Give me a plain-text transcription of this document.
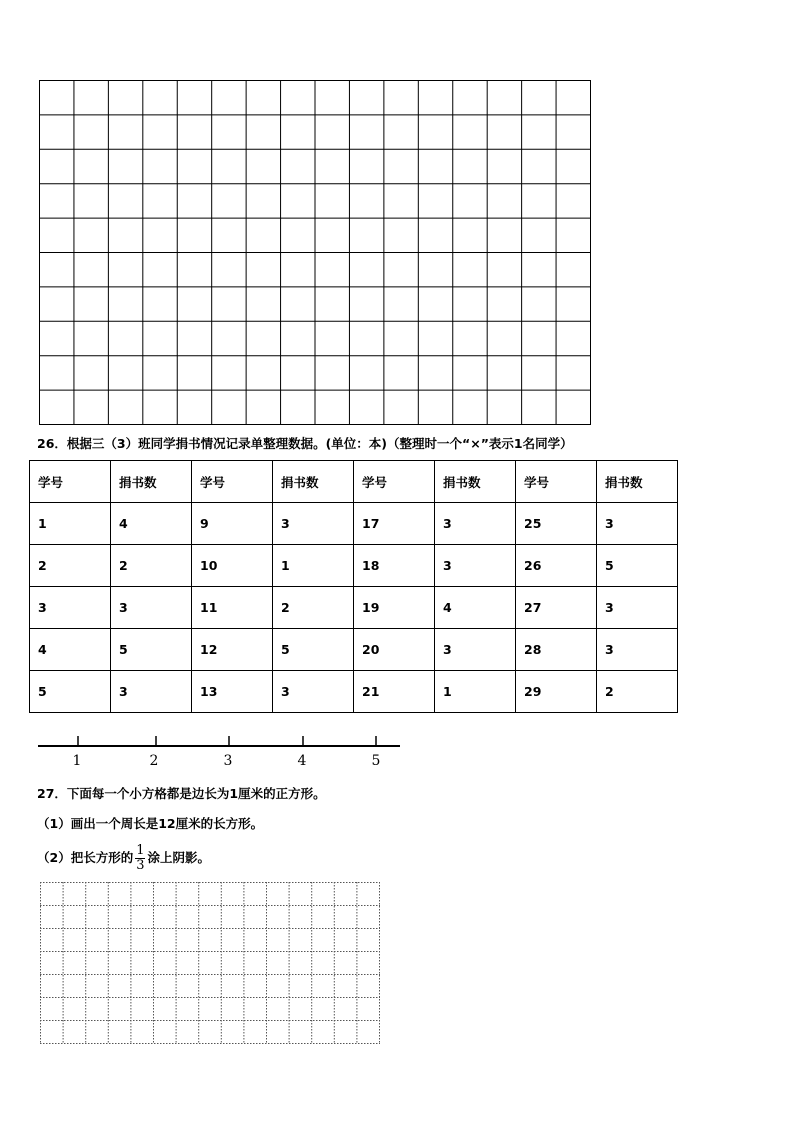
26．根据三（3）班同学捐书情况记录单整理数据。(单位：本)（整理时一个“×”表示1名同学）
学号	捐书数	学号	捐书数	学号	捐书数	学号	捐书数
1	4	9	3	17	3	25	3
2	2	10	1	18	3	26	5
3	3	11	2	19	4	27	3
4	5	12	5	20	3	28	3
5	3	13	3	21	1	29	2
1	2	3	4	5
27．下面每一个小方格都是边长为1厘米的正方形。
（1）画出一个周长是12厘米的长方形。
（2）把长方形的 $\frac{1}{3}$ 涂上阴影。
